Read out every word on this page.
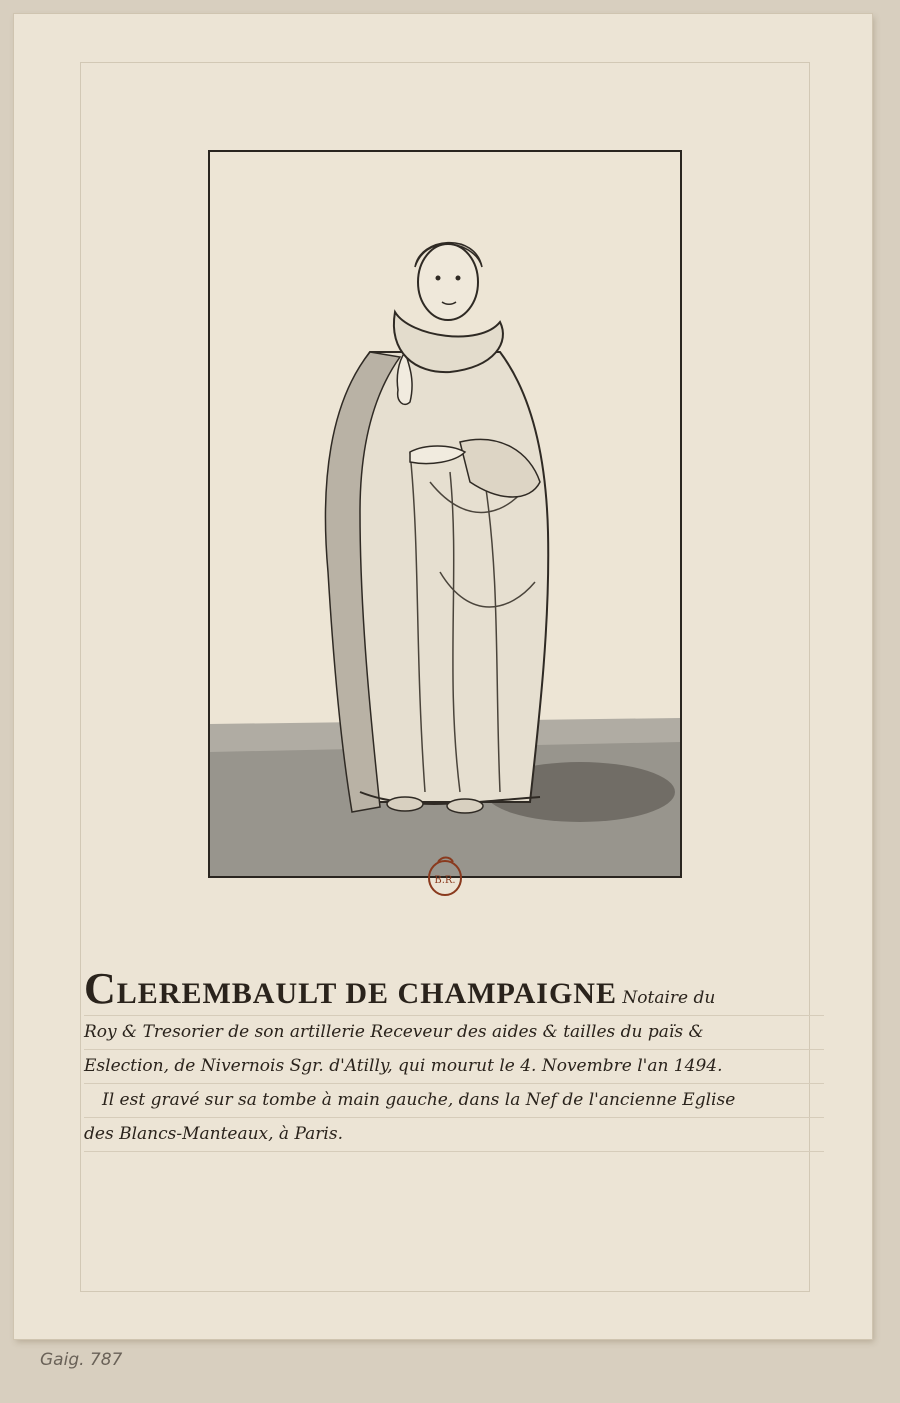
B.R.

CLEREMBAULT DE CHAMPAIGNE Notaire du

Roy & Tresorier de son artillerie Receveur des aides & tailles du païs &

Eslection, de Nivernois Sgr. d'Atilly, qui mourut le 4. Novembre l'an 1494.

Il est gravé sur sa tombe à main gauche, dans la Nef de l'ancienne Eglise

des Blancs-Manteaux, à Paris.

Gaig. 787
